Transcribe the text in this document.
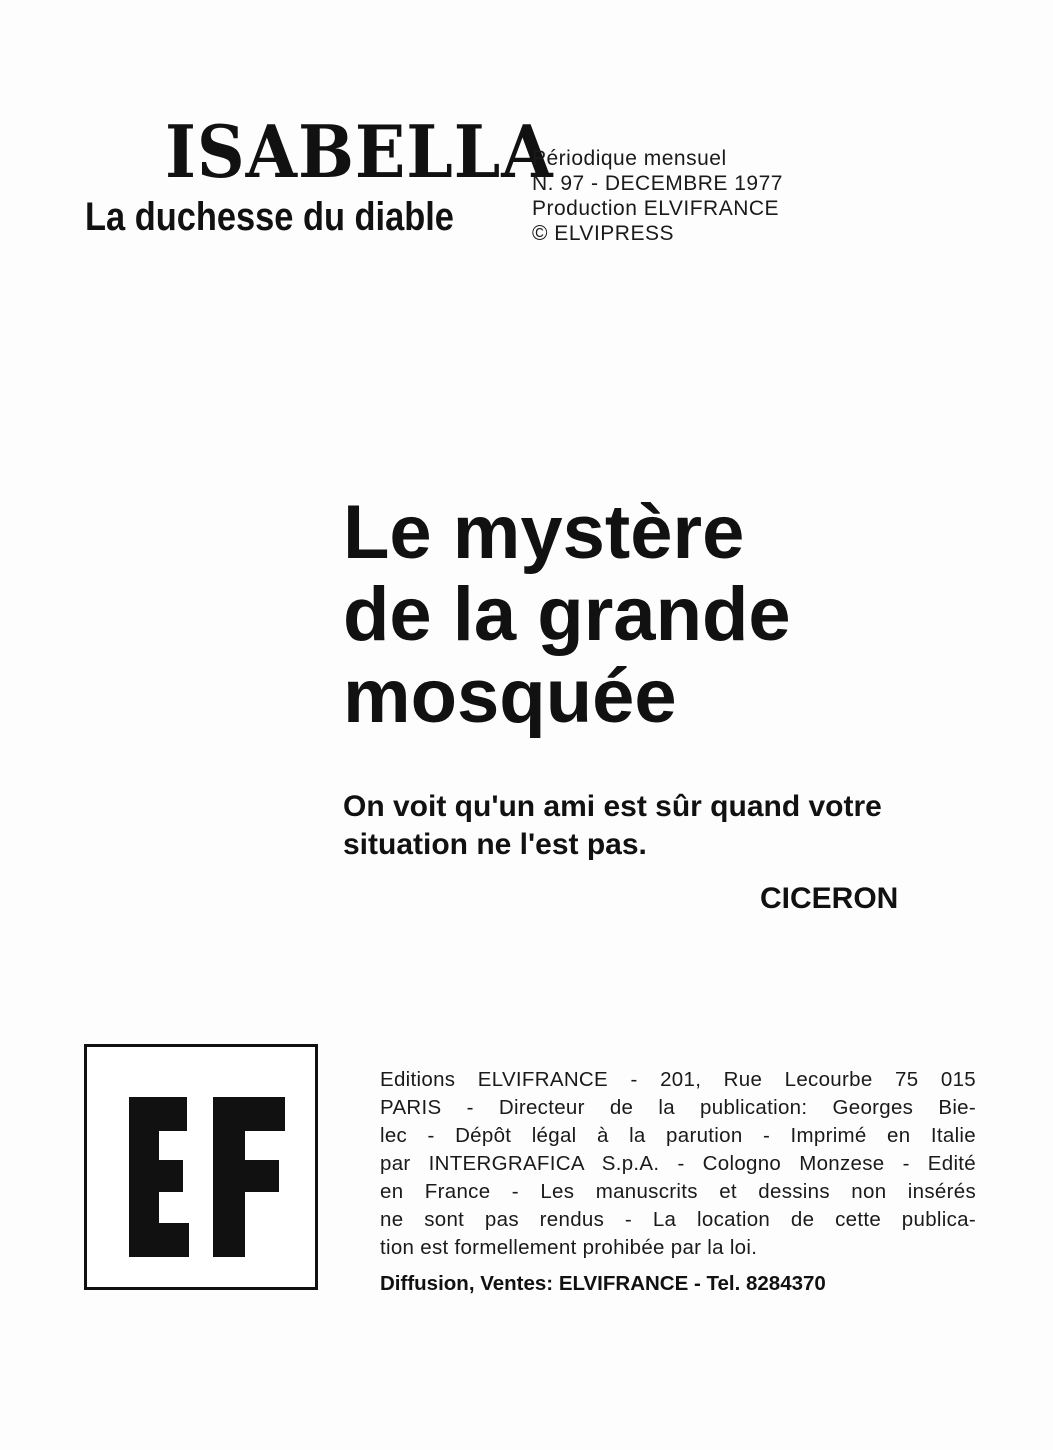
ISABELLA
La duchesse du diable
Périodique mensuel
N. 97 - DECEMBRE 1977
Production ELVIFRANCE
© ELVIPRESS
Le mystère
de la grande
mosquée
On voit qu'un ami est sûr quand votre
situation ne l'est pas.
CICERON
Editions ELVIFRANCE - 201, Rue Lecourbe 75 015
PARIS - Directeur de la publication: Georges Bie-
lec - Dépôt légal à la parution - Imprimé en Italie
par INTERGRAFICA S.p.A. - Cologno Monzese - Edité
en France - Les manuscrits et dessins non insérés
ne sont pas rendus - La location de cette publica-
tion est formellement prohibée par la loi.
Diffusion, Ventes: ELVIFRANCE - Tel. 8284370
